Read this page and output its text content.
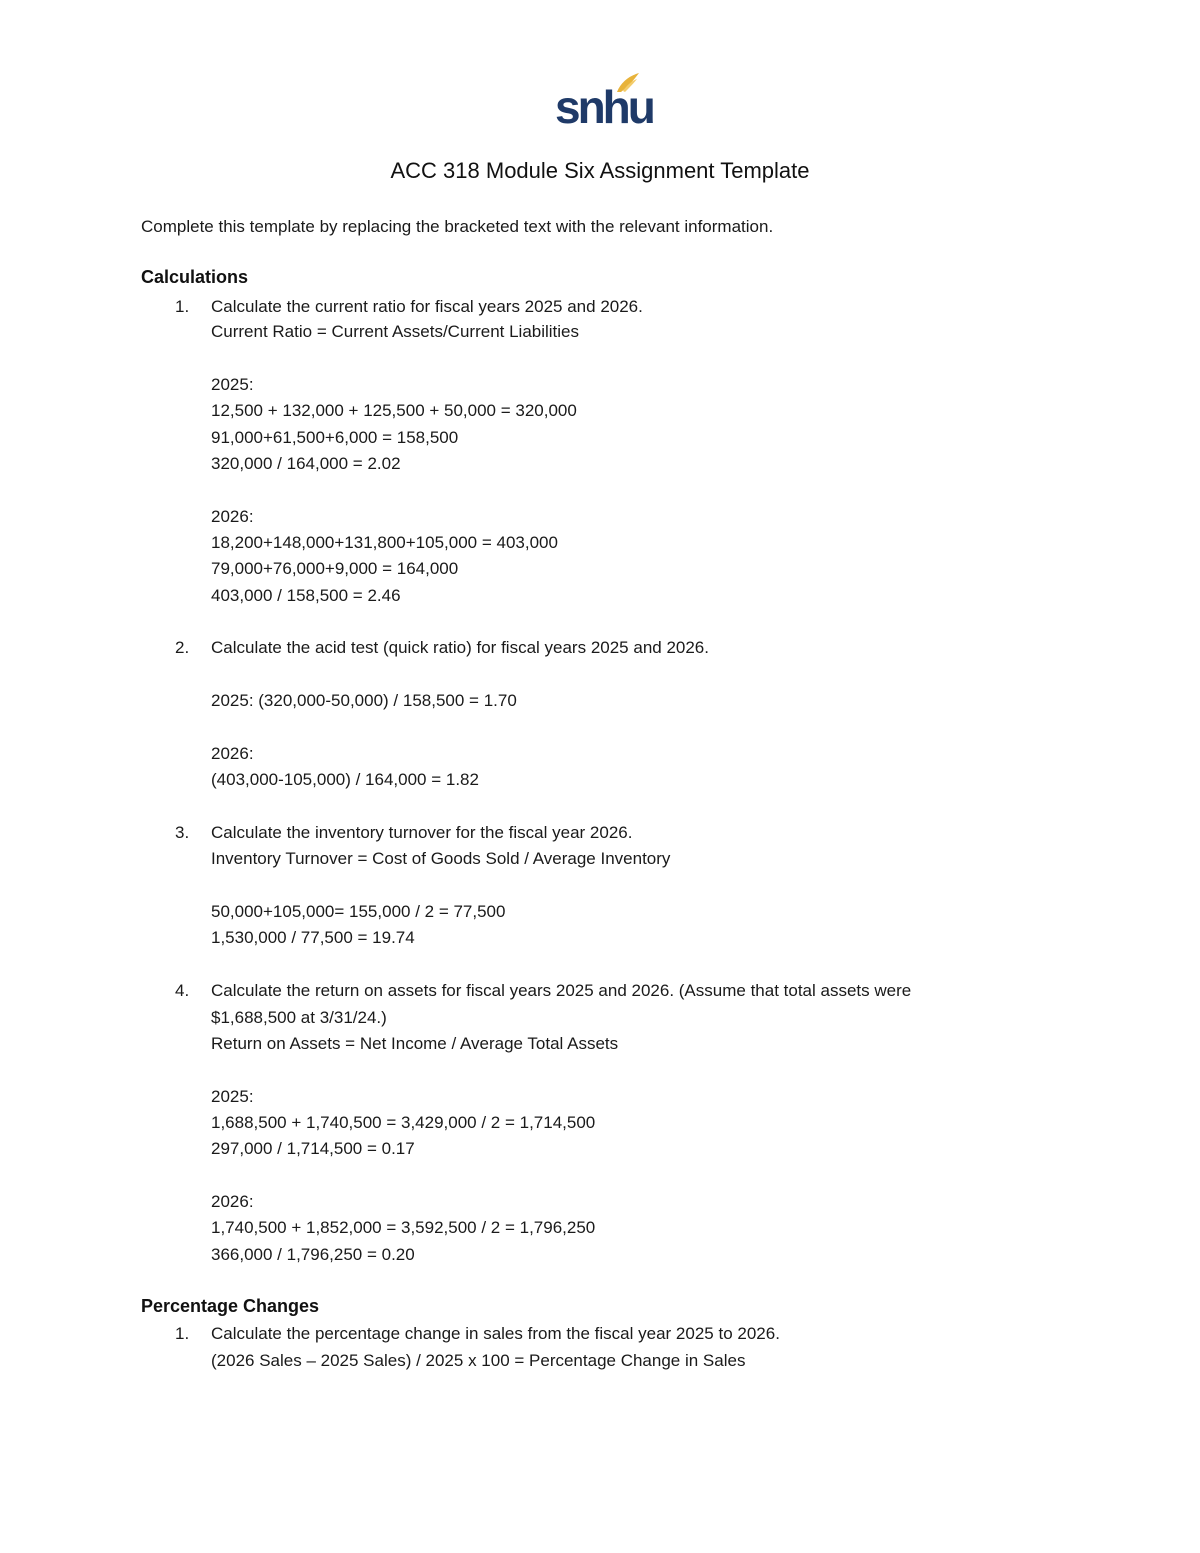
snhu
ACC 318 Module Six Assignment Template
Complete this template by replacing the bracketed text with the relevant information.
Calculations
1. Calculate the current ratio for fiscal years 2025 and 2026.
Current Ratio = Current Assets/Current Liabilities
2025:
12,500 + 132,000 + 125,500 + 50,000 = 320,000
91,000+61,500+6,000 = 158,500
320,000 / 164,000 = 2.02
2026:
18,200+148,000+131,800+105,000 = 403,000
79,000+76,000+9,000 = 164,000
403,000 / 158,500 = 2.46
2. Calculate the acid test (quick ratio) for fiscal years 2025 and 2026.
2025: (320,000-50,000) / 158,500 = 1.70
2026:
(403,000-105,000) / 164,000 = 1.82
3. Calculate the inventory turnover for the fiscal year 2026.
Inventory Turnover = Cost of Goods Sold / Average Inventory
50,000+105,000= 155,000 / 2 = 77,500
1,530,000 / 77,500 = 19.74
4. Calculate the return on assets for fiscal years 2025 and 2026. (Assume that total assets were
$1,688,500 at 3/31/24.)
Return on Assets = Net Income / Average Total Assets
2025:
1,688,500 + 1,740,500 = 3,429,000 / 2 = 1,714,500
297,000 / 1,714,500 = 0.17
2026:
1,740,500 + 1,852,000 = 3,592,500 / 2 = 1,796,250
366,000 / 1,796,250 = 0.20
Percentage Changes
1. Calculate the percentage change in sales from the fiscal year 2025 to 2026.
(2026 Sales – 2025 Sales) / 2025 x 100 = Percentage Change in Sales
